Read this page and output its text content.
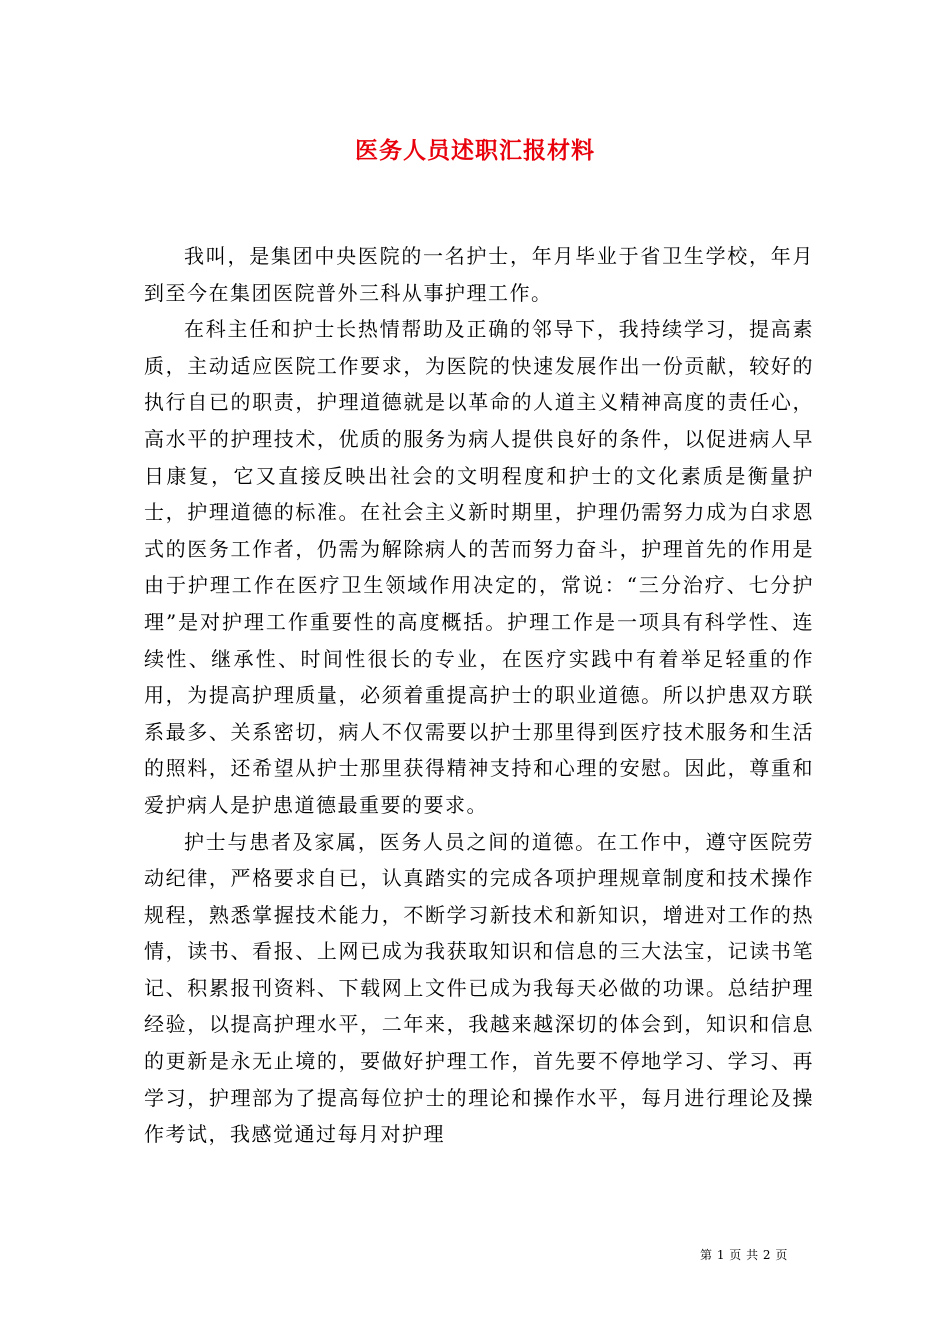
医务人员述职汇报材料

我叫，是集团中央医院的一名护士，年月毕业于省卫生学校，年月到至今在集团医院普外三科从事护理工作。

在科主任和护士长热情帮助及正确的邻导下，我持续学习，提高素质，主动适应医院工作要求，为医院的快速发展作出一份贡献，较好的执行自已的职责，护理道德就是以革命的人道主义精神高度的责任心，高水平的护理技术，优质的服务为病人提供良好的条件，以促进病人早日康复，它又直接反映出社会的文明程度和护士的文化素质是衡量护士，护理道德的标准。在社会主义新时期里，护理仍需努力成为白求恩式的医务工作者，仍需为解除病人的苦而努力奋斗，护理首先的作用是由于护理工作在医疗卫生领域作用决定的，常说：“三分治疗、七分护理”是对护理工作重要性的高度概括。护理工作是一项具有科学性、连续性、继承性、时间性很长的专业，在医疗实践中有着举足轻重的作用，为提高护理质量，必须着重提高护士的职业道德。所以护患双方联系最多、关系密切，病人不仅需要以护士那里得到医疗技术服务和生活的照料，还希望从护士那里获得精神支持和心理的安慰。因此，尊重和爱护病人是护患道德最重要的要求。

护士与患者及家属，医务人员之间的道德。在工作中，遵守医院劳动纪律，严格要求自已，认真踏实的完成各项护理规章制度和技术操作规程，熟悉掌握技术能力，不断学习新技术和新知识，增进对工作的热情，读书、看报、上网已成为我获取知识和信息的三大法宝，记读书笔记、积累报刊资料、下载网上文件已成为我每天必做的功课。总结护理经验，以提高护理水平，二年来，我越来越深切的体会到，知识和信息的更新是永无止境的，要做好护理工作，首先要不停地学习、学习、再学习，护理部为了提高每位护士的理论和操作水平，每月进行理论及操作考试，我感觉通过每月对护理

第 1 页 共 2 页
